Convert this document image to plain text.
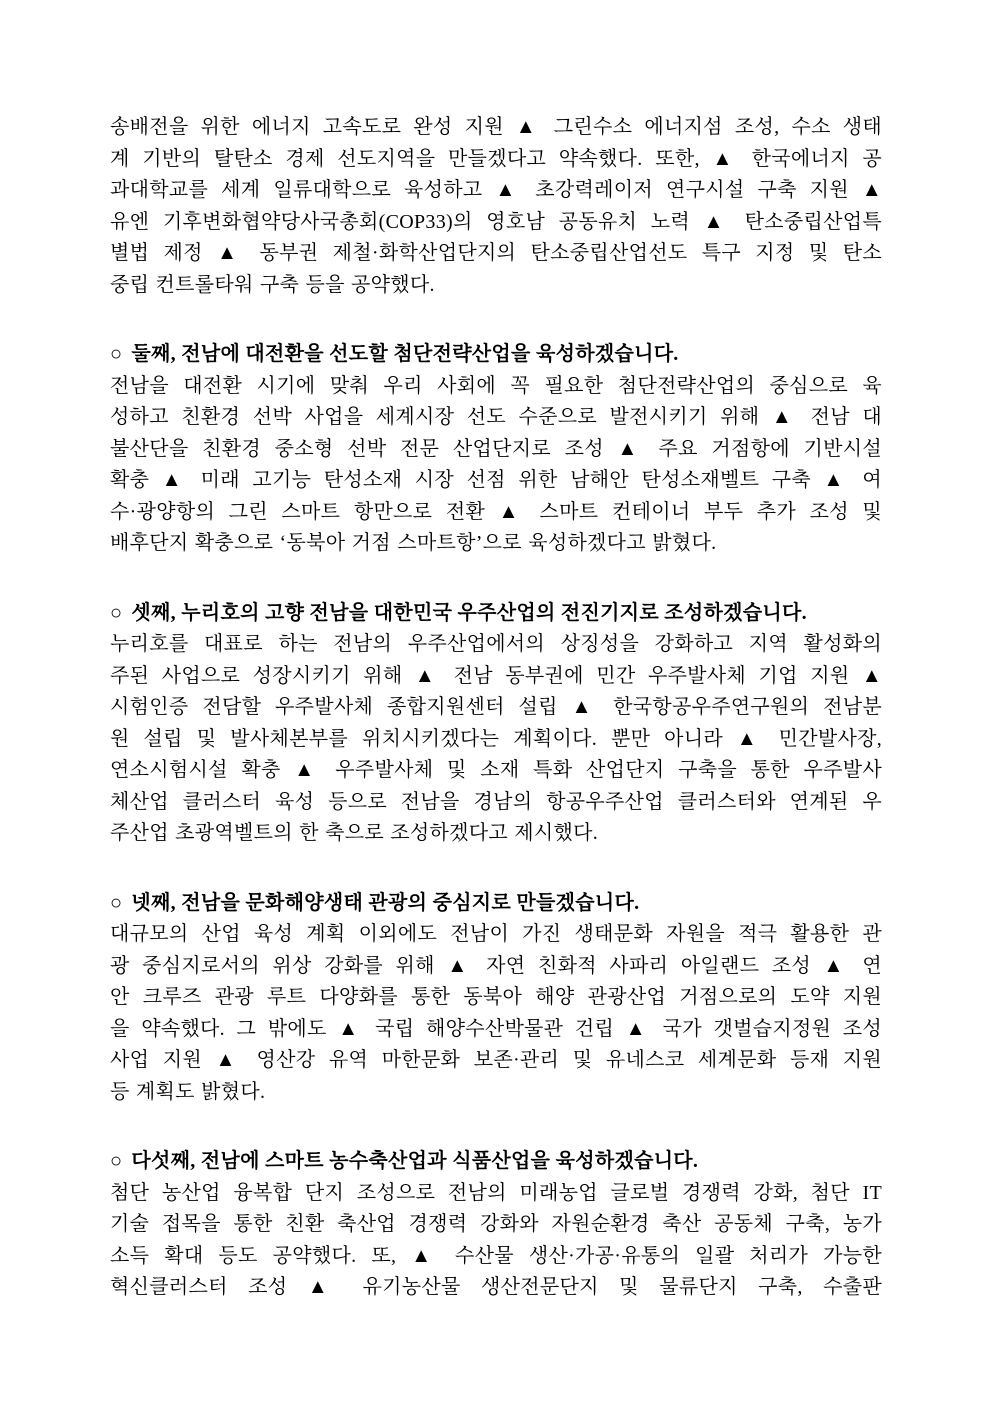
송배전을 위한 에너지 고속도로 완성 지원 ▲ 그린수소 에너지섬 조성, 수소 생태
계 기반의 탈탄소 경제 선도지역을 만들겠다고 약속했다. 또한, ▲ 한국에너지 공
과대학교를 세계 일류대학으로 육성하고 ▲ 초강력레이저 연구시설 구축 지원 ▲
유엔 기후변화협약당사국총회(COP33)의 영호남 공동유치 노력 ▲ 탄소중립산업특
별법 제정 ▲ 동부권 제철·화학산업단지의 탄소중립산업선도 특구 지정 및 탄소
중립 컨트롤타워 구축 등을 공약했다.
○ 둘째, 전남에 대전환을 선도할 첨단전략산업을 육성하겠습니다.
전남을 대전환 시기에 맞춰 우리 사회에 꼭 필요한 첨단전략산업의 중심으로 육
성하고 친환경 선박 사업을 세계시장 선도 수준으로 발전시키기 위해 ▲ 전남 대
불산단을 친환경 중소형 선박 전문 산업단지로 조성 ▲ 주요 거점항에 기반시설
확충 ▲ 미래 고기능 탄성소재 시장 선점 위한 남해안 탄성소재벨트 구축 ▲ 여
수·광양항의 그린 스마트 항만으로 전환 ▲ 스마트 컨테이너 부두 추가 조성 및
배후단지 확충으로 ‘동북아 거점 스마트항’으로 육성하겠다고 밝혔다.
○ 셋째, 누리호의 고향 전남을 대한민국 우주산업의 전진기지로 조성하겠습니다.
누리호를 대표로 하는 전남의 우주산업에서의 상징성을 강화하고 지역 활성화의
주된 사업으로 성장시키기 위해 ▲ 전남 동부권에 민간 우주발사체 기업 지원 ▲
시험인증 전담할 우주발사체 종합지원센터 설립 ▲ 한국항공우주연구원의 전남분
원 설립 및 발사체본부를 위치시키겠다는 계획이다. 뿐만 아니라 ▲ 민간발사장,
연소시험시설 확충 ▲ 우주발사체 및 소재 특화 산업단지 구축을 통한 우주발사
체산업 클러스터 육성 등으로 전남을 경남의 항공우주산업 클러스터와 연계된 우
주산업 초광역벨트의 한 축으로 조성하겠다고 제시했다.
○ 넷째, 전남을 문화해양생태 관광의 중심지로 만들겠습니다.
대규모의 산업 육성 계획 이외에도 전남이 가진 생태문화 자원을 적극 활용한 관
광 중심지로서의 위상 강화를 위해 ▲ 자연 친화적 사파리 아일랜드 조성 ▲ 연
안 크루즈 관광 루트 다양화를 통한 동북아 해양 관광산업 거점으로의 도약 지원
을 약속했다. 그 밖에도 ▲ 국립 해양수산박물관 건립 ▲ 국가 갯벌습지정원 조성
사업 지원 ▲ 영산강 유역 마한문화 보존·관리 및 유네스코 세계문화 등재 지원
등 계획도 밝혔다.
○ 다섯째, 전남에 스마트 농수축산업과 식품산업을 육성하겠습니다.
첨단 농산업 융복합 단지 조성으로 전남의 미래농업 글로벌 경쟁력 강화, 첨단 IT
기술 접목을 통한 친환 축산업 경쟁력 강화와 자원순환경 축산 공동체 구축, 농가
소득 확대 등도 공약했다. 또, ▲ 수산물 생산·가공·유통의 일괄 처리가 가능한
혁신클러스터 조성 ▲ 유기농산물 생산전문단지 및 물류단지 구축, 수출판
